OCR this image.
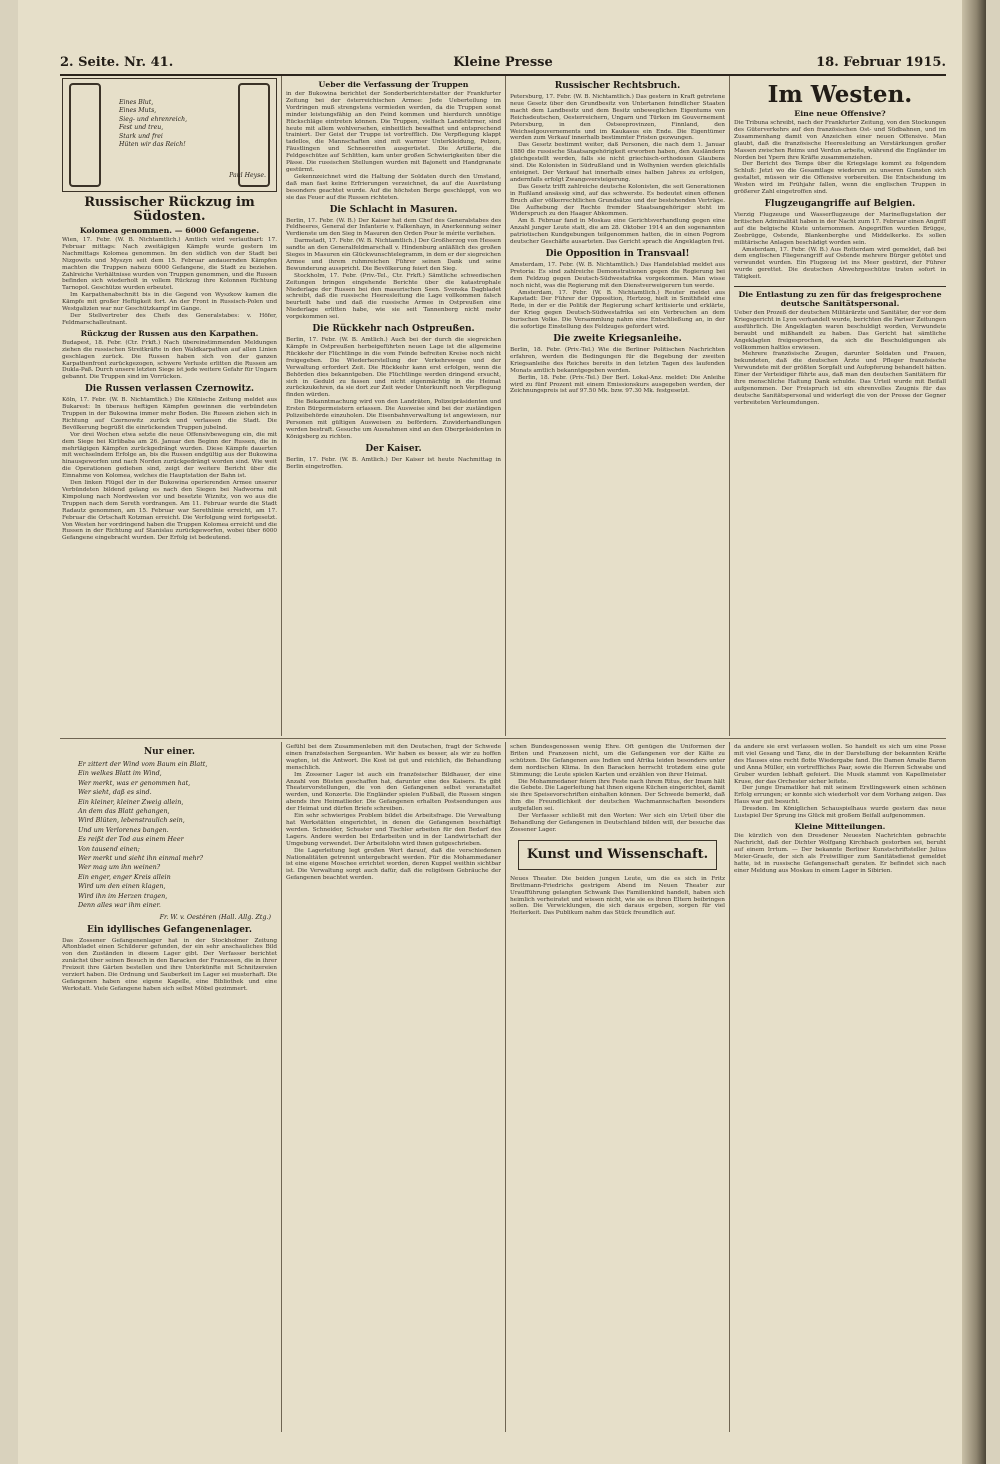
2. Seite. Nr. 41.	Kleine Presse	18. Februar 1915.
Eines Blut,
Eines Muts,
Sieg- und ehrenreich,
Fest und treu,
Stark und frei
Hüten wir das Reich!
Paul Heyse.
Russischer Rückzug im Südosten.
Kolomea genommen. — 6000 Gefangene.

Wien, 17. Febr. (W. B. Nichtamtlich.) Amtlich wird verlautbart: 17. Februar mittags: Nach zweitägigen Kämpfe wurde gestern im Nachmittags Kolomea genommen. Im den südlich von der Stadt bei Nizgowits und Myszyn seit dem 15. Februar andauernden Kämpfen machten die Truppen nahezu 6000 Gefangene, die Stadt zu beziehen. Zahlreiche Verhältnisse wurden von Truppen genommen, und die Russen befinden sich wiederholt in vollem Rückzug ihre Kolonnen Richtung Tarnopol. Geschütze wurden erbeutet.

Im Karpathenabschnitt bis in die Gegend von Wyszkow kamen die Kämpfe mit großer Heftigkeit fort. An der Front in Russisch-Polen und Westgalizien war nur Geschützkampf im Gange.

Der Stellvertreter des Chefs des Generalstabes: v. Höfer, Feldmarschalleutnant.

Rückzug der Russen aus den Karpathen.

Budapest, 18. Febr. (Ctr. Frkft.) Nach übereinstimmenden Meldungen ziehen die russischen Streitkräfte in den Waldkarpathen auf allen Linien geschlagen zurück. Die Russen haben sich von der ganzen Karpathenfront zurückgezogen, schwere Verluste erlitten die Russen am Dukla-Paß. Durch unsere letzten Siege ist jede weitere Gefahr für Ungarn gebannt. Die Truppen sind im Vorrücken.

Die Russen verlassen Czernowitz.

Köln, 17. Febr. (W. B. Nichtamtlich.) Die Kölnische Zeitung meldet aus Bukarest: In überaus heftigen Kämpfen gewinnen die verbündeten Truppen in der Bukowina immer mehr Boden. Die Russen ziehen sich in Richtung auf Czernowitz zurück und verlassen die Stadt. Die Bevölkerung begrüßt die einrückenden Truppen jubelnd.

Vor drei Wochen etwa setzte die neue Offensivbewegung ein, die mit dem Siege bei Kirlibaba am 26. Januar den Beginn der Russen, die in mehrtägigen Kämpfen zurückgedrängt wurden. Diese Kämpfe dauerten mit wechselndem Erfolge an, bis die Russen endgültig aus der Bukowina hinausgeworfen und nach Norden zurückgedrängt worden sind. Wie weit die Operationen gediehen sind, zeigt der weitere Bericht über die Einnahme von Kolomea, welches die Hauptstation der Bahn ist.

Den linken Flügel der in der Bukowina operierenden Armee unserer Verbündeten bildend gelang es nach den Siegen bei Nadworna mit Kimpolung nach Nordwesten vor und besetzte Wiznitz, von wo aus die Truppen nach dem Sereth vordrangen. Am 11. Februar wurde die Stadt Radautz genommen, am 15. Februar war Serethlinie erreicht, am 17. Februar die Ortschaft Kotzman erreicht. Die Verfolgung wird fortgesetzt. Von Westen her vordringend haben die Truppen Kolomea erreicht und die Russen in der Richtung auf Stanislau zurückgeworfen, wobei über 6000 Gefangene eingebracht wurden. Der Erfolg ist bedeutend.

Ueber die Verfassung der Truppen

in der Bukowina berichtet der Sonderberichterstatter der Frankfurter Zeitung bei der österreichischen Armee: Jede Ueberteilung im Vordringen muß strengstens vermieden werden, da die Truppen sonst minder leistungsfähig an den Feind kommen und hierdurch unnötige Rückschläge eintreten können. Die Truppen, vielfach Landstürmer, sind heute mit allem wohlversehen, einheitlich bewaffnet und entsprechend trainiert. Der Geist der Truppe ist vortrefflich. Die Verpflegung klappt tadellos, die Mannschaften sind mit warmer Unterkleidung, Pelzen, Fäustlingen und Schneereifen ausgerüstet. Die Artillerie, die Feldgeschütze auf Schlitten, kam unter großen Schwierigkeiten über die Pässe. Die russischen Stellungen wurden mit Bajonett und Handgranate gestürmt.

Gekennzeichnet wird die Haltung der Soldaten durch den Umstand, daß man fast keine Erfrierungen verzeichnet, da auf die Ausrüstung besonders geachtet wurde. Auf die höchsten Berge geschleppt, von wo sie das Feuer auf die Russen richteten.

Die Schlacht in Masuren.

Berlin, 17. Febr. (W. B.) Der Kaiser hat dem Chef des Generalstabes des Feldheeres, General der Infanterie v. Falkenhayn, in Anerkennung seiner Verdienste um den Sieg in Masuren den Orden Pour le mérite verliehen.

Darmstadt, 17. Febr. (W. B. Nichtamtlich.) Der Großherzog von Hessen sandte an den Generalfeldmarschall v. Hindenburg anläßlich des großen Sieges in Masuren ein Glückwunschtelegramm, in dem er der siegreichen Armee und ihrem ruhmreichen Führer seinen Dank und seine Bewunderung ausspricht. Die Bevölkerung feiert den Sieg.

Stockholm, 17. Febr. (Priv.-Tel., Ctr. Frkft.) Sämtliche schwedischen Zeitungen bringen eingehende Berichte über die katastrophale Niederlage der Russen bei den masurischen Seen. Svenska Dagbladet schreibt, daß die russische Heeresleitung die Lage vollkommen falsch beurteilt habe und daß die russische Armee in Ostpreußen eine Niederlage erlitten habe, wie sie seit Tannenberg nicht mehr vorgekommen sei.

Die Rückkehr nach Ostpreußen.

Berlin, 17. Febr. (W. B. Amtlich.) Auch bei der durch die siegreichen Kämpfe in Ostpreußen herbeigeführten neuen Lage ist die allgemeine Rückkehr der Flüchtlinge in die vom Feinde befreiten Kreise noch nicht freigegeben. Die Wiederherstellung der Verkehrswege und der Verwaltung erfordert Zeit. Die Rückkehr kann erst erfolgen, wenn die Behörden dies bekanntgeben. Die Flüchtlinge werden dringend ersucht, sich in Geduld zu fassen und nicht eigenmächtig in die Heimat zurückzukehren, da sie dort zur Zeit weder Unterkunft noch Verpflegung finden würden.

Die Bekanntmachung wird von den Landräten, Polizeipräsidenten und Ersten Bürgermeistern erlassen. Die Ausweise sind bei der zuständigen Polizeibehörde einzuholen. Die Eisenbahnverwaltung ist angewiesen, nur Personen mit gültigen Ausweisen zu befördern. Zuwiderhandlungen werden bestraft. Gesuche um Ausnahmen sind an den Oberpräsidenten in Königsberg zu richten.

Der Kaiser.

Berlin, 17. Febr. (W. B. Amtlich.) Der Kaiser ist heute Nachmittag in Berlin eingetroffen.

Russischer Rechtsbruch.

Petersburg, 17. Febr. (W. B. Nichtamtlich.) Das gestern in Kraft getretene neue Gesetz über den Grundbesitz von Untertanen feindlicher Staaten macht dem Landbesitz und dem Besitz unbeweglichen Eigentums von Reichsdeutschen, Oesterreichern, Ungarn und Türken im Gouvernement Petersburg, in den Ostseeprovinzen, Finnland, den Weichselgouvernements und im Kaukasus ein Ende. Die Eigentümer werden zum Verkauf innerhalb bestimmter Fristen gezwungen.

Das Gesetz bestimmt weiter, daß Personen, die nach dem 1. Januar 1880 die russische Staatsangehörigkeit erworben haben, den Ausländern gleichgestellt werden, falls sie nicht griechisch-orthodoxen Glaubens sind. Die Kolonisten in Südrußland und in Wolhynien werden gleichfalls enteignet. Der Verkauf hat innerhalb eines halben Jahres zu erfolgen, andernfalls erfolgt Zwangsversteigerung.

Das Gesetz trifft zahlreiche deutsche Kolonisten, die seit Generationen in Rußland ansässig sind, auf das schwerste. Es bedeutet einen offenen Bruch aller völkerrechtlichen Grundsätze und der bestehenden Verträge. Die Aufhebung der Rechte fremder Staatsangehöriger steht im Widerspruch zu den Haager Abkommen.

Am 8. Februar fand in Moskau eine Gerichtsverhandlung gegen eine Anzahl junger Leute statt, die am 28. Oktober 1914 an den sogenannten patriotischen Kundgebungen teilgenommen hatten, die in einen Pogrom deutscher Geschäfte ausarteten. Das Gericht sprach die Angeklagten frei.

Die Opposition in Transvaal!

Amsterdam, 17. Febr. (W. B. Nichtamtlich.) Das Handelsblad meldet aus Pretoria: Es sind zahlreiche Demonstrationen gegen die Regierung bei dem Feldzug gegen Deutsch-Südwestafrika vorgekommen. Man wisse noch nicht, was die Regierung mit den Dienstverweigerern tun werde.

Amsterdam, 17. Febr. (W. B. Nichtamtlich.) Reuter meldet aus Kapstadt: Der Führer der Opposition, Hertzog, hielt in Smithfield eine Rede, in der er die Politik der Regierung scharf kritisierte und erklärte, der Krieg gegen Deutsch-Südwestafrika sei ein Verbrechen an dem burischen Volke. Die Versammlung nahm eine Entschließung an, in der die sofortige Einstellung des Feldzuges gefordert wird.

Die zweite Kriegsanleihe.

Berlin, 18. Febr. (Priv.-Tel.) Wie die Berliner Politischen Nachrichten erfahren, werden die Bedingungen für die Begebung der zweiten Kriegsanleihe des Reiches bereits in den letzten Tagen des laufenden Monats amtlich bekanntgegeben werden.

Berlin, 18. Febr. (Priv.-Tel.) Der Berl. Lokal-Anz. meldet: Die Anleihe wird zu fünf Prozent mit einem Emissionskurs ausgegeben werden, der Zeichnungspreis ist auf 97.50 Mk. bzw. 97.30 Mk. festgesetzt.

Im Westen.
Eine neue Offensive?

Die Tribuna schreibt, nach der Frankfurter Zeitung, von den Stockungen des Güterverkehrs auf den französischen Ost- und Südbahnen, und im Zusammenhang damit von Anzeichen einer neuen Offensive. Man glaubt, daß die französische Heeresleitung an Verstärkungen großer Massen zwischen Reims und Verdun arbeite, während die Engländer im Norden bei Ypern ihre Kräfte zusammenziehen.

Der Bericht des Temps über die Kriegslage kommt zu folgendem Schluß: Jetzt wo die Gesamtlage wiederum zu unseren Gunsten sich gestaltet, müssen wir die Offensive vorbereiten. Die Entscheidung im Westen wird im Frühjahr fallen, wenn die englischen Truppen in größerer Zahl eingetroffen sind.

Flugzeugangriffe auf Belgien.

Vierzig Flugzeuge und Wasserflugzeuge der Marineflugstation der britischen Admiralität haben in der Nacht zum 17. Februar einen Angriff auf die belgische Küste unternommen. Angegriffen wurden Brügge, Zeebrügge, Ostende, Blankenberghe und Middelkerke. Es sollen militärische Anlagen beschädigt worden sein.

Amsterdam, 17. Febr. (W. B.) Aus Rotterdam wird gemeldet, daß bei dem englischen Fliegerangriff auf Ostende mehrere Bürger getötet und verwundet wurden. Ein Flugzeug ist ins Meer gestürzt, der Führer wurde gerettet. Die deutschen Abwehrgeschütze traten sofort in Tätigkeit.

Die Entlastung zu zen für das freigesprochene deutsche Sanitätspersonal.

Ueber den Prozeß der deutschen Militärärzte und Sanitäter, der vor dem Kriegsgericht in Lyon verhandelt wurde, berichten die Pariser Zeitungen ausführlich. Die Angeklagten waren beschuldigt worden, Verwundete beraubt und mißhandelt zu haben. Das Gericht hat sämtliche Angeklagten freigesprochen, da sich die Beschuldigungen als vollkommen haltlos erwiesen.

Mehrere französische Zeugen, darunter Soldaten und Frauen, bekundeten, daß die deutschen Ärzte und Pfleger französische Verwundete mit der größten Sorgfalt und Aufopferung behandelt hätten. Einer der Verteidiger führte aus, daß man den deutschen Sanitätern für ihre menschliche Haltung Dank schulde. Das Urteil wurde mit Beifall aufgenommen. Der Freispruch ist ein ehrenvolles Zeugnis für das deutsche Sanitätspersonal und widerlegt die von der Presse der Gegner verbreiteten Verleumdungen.

Nur einer.
Er zittert der Wind vom Baum ein Blatt,
Ein welkes Blatt im Wind,
Wer merkt, was er genommen hat,
Wer sieht, daß es sind.
Ein kleiner, kleiner Zweig allein,
An dem das Blatt gehangen,
Wird Blüten, lebenstraulich sein,
Und um Verlorenes bangen.
Es reißt der Tod aus einem Heer
Von tausend einen;
Wer merkt und sieht ihn einmal mehr?
Wer mag um ihn weinen?
Ein enger, enger Kreis allein
Wird um den einen klagen,
Wird ihn im Herzen tragen,
Denn alles war ihm einer.
Fr. W. v. Oestéren (Hall. Allg. Ztg.)
Ein idyllisches Gefangenenlager.

Das Zossener Gefangenenlager hat in der Stockholmer Zeitung Aftonbladet einen Schilderer gefunden, der ein sehr anschauliches Bild von den Zuständen in diesem Lager gibt. Der Verfasser berichtet zunächst über seinen Besuch in den Baracken der Franzosen, die in ihrer Freizeit ihre Gärten bestellen und ihre Unterkünfte mit Schnitzereien verziert haben. Die Ordnung und Sauberkeit im Lager sei musterhaft. Die Gefangenen haben eine eigene Kapelle, eine Bibliothek und eine Werkstatt. Viele Gefangene haben sich selbst Möbel gezimmert.

Gefühl bei dem Zusammenleben mit den Deutschen, fragt der Schwede einen französischen Sergeanten. Wir haben es besser, als wir zu hoffen wagten, ist die Antwort. Die Kost ist gut und reichlich, die Behandlung menschlich.

Im Zossener Lager ist auch ein französischer Bildhauer, der eine Anzahl von Büsten geschaffen hat, darunter eine des Kaisers. Es gibt Theatervorstellungen, die von den Gefangenen selbst veranstaltet werden, und Konzerte. Die Engländer spielen Fußball, die Russen singen abends ihre Heimatlieder. Die Gefangenen erhalten Postsendungen aus der Heimat und dürfen Briefe schreiben.

Ein sehr schwieriges Problem bildet die Arbeitsfrage. Die Verwaltung hat Werkstätten eingerichtet, in denen die Gefangenen beschäftigt werden. Schneider, Schuster und Tischler arbeiten für den Bedarf des Lagers. Andere werden bei Erdarbeiten und in der Landwirtschaft der Umgebung verwendet. Der Arbeitslohn wird ihnen gutgeschrieben.

Die Lagerleitung legt großen Wert darauf, daß die verschiedenen Nationalitäten getrennt untergebracht werden. Für die Mohammedaner ist eine eigene Moschee errichtet worden, deren Kuppel weithin sichtbar ist. Die Verwaltung sorgt auch dafür, daß die religiösen Gebräuche der Gefangenen beachtet werden.

schen Bundesgenossen wenig Ehre. Oft genügen die Uniformen der Briten und Franzosen nicht, um die Gefangenen vor der Kälte zu schützen. Die Gefangenen aus Indien und Afrika leiden besonders unter dem nordischen Klima. In den Baracken herrscht trotzdem eine gute Stimmung; die Leute spielen Karten und erzählen von ihrer Heimat.

Die Mohammedaner feiern ihre Feste nach ihrem Ritus, der Imam hält die Gebete. Die Lagerleitung hat ihnen eigene Küchen eingerichtet, damit sie ihre Speisevorschriften einhalten können. Der Schwede bemerkt, daß ihm die Freundlichkeit der deutschen Wachmannschaften besonders aufgefallen sei.

Der Verfasser schließt mit den Worten: Wer sich ein Urteil über die Behandlung der Gefangenen in Deutschland bilden will, der besuche das Zossener Lager.

Kunst und Wissenschaft.

Neues Theater. Die beiden jungen Leute, um die es sich in Fritz Brettmann-Friedrichs gestrigem Abend im Neuen Theater zur Uraufführung gelangten Schwank Das Familienkind handelt, haben sich heimlich verheiratet und wissen nicht, wie sie es ihren Eltern beibringen sollen. Die Verwicklungen, die sich daraus ergeben, sorgen für viel Heiterkeit. Das Publikum nahm das Stück freundlich auf.

da andere sie erst verlassen wollen. So handelt es sich um eine Posse mit viel Gesang und Tanz, die in der Darstellung der bekannten Kräfte des Hauses eine recht flotte Wiedergabe fand. Die Damen Amalie Baron und Anna Müller, ein vortreffliches Paar, sowie die Herren Schwabe und Gruber wurden lebhaft gefeiert. Die Musik stammt von Kapellmeister Kruse, der das Orchester sicher leitete.

Der junge Dramatiker hat mit seinem Erstlingswerk einen schönen Erfolg errungen; er konnte sich wiederholt vor dem Vorhang zeigen. Das Haus war gut besucht.

Dresden. Im Königlichen Schauspielhaus wurde gestern das neue Lustspiel Der Sprung ins Glück mit großem Beifall aufgenommen.

Kleine Mitteilungen.

Die kürzlich von den Dresdener Neuesten Nachrichten gebrachte Nachricht, daß der Dichter Wolfgang Kirchbach gestorben sei, beruht auf einem Irrtum. — Der bekannte Berliner Kunstschriftsteller Julius Meier-Graefe, der sich als Freiwilliger zum Sanitätsdienst gemeldet hatte, ist in russische Gefangenschaft geraten. Er befindet sich nach einer Meldung aus Moskau in einem Lager in Sibirien.
